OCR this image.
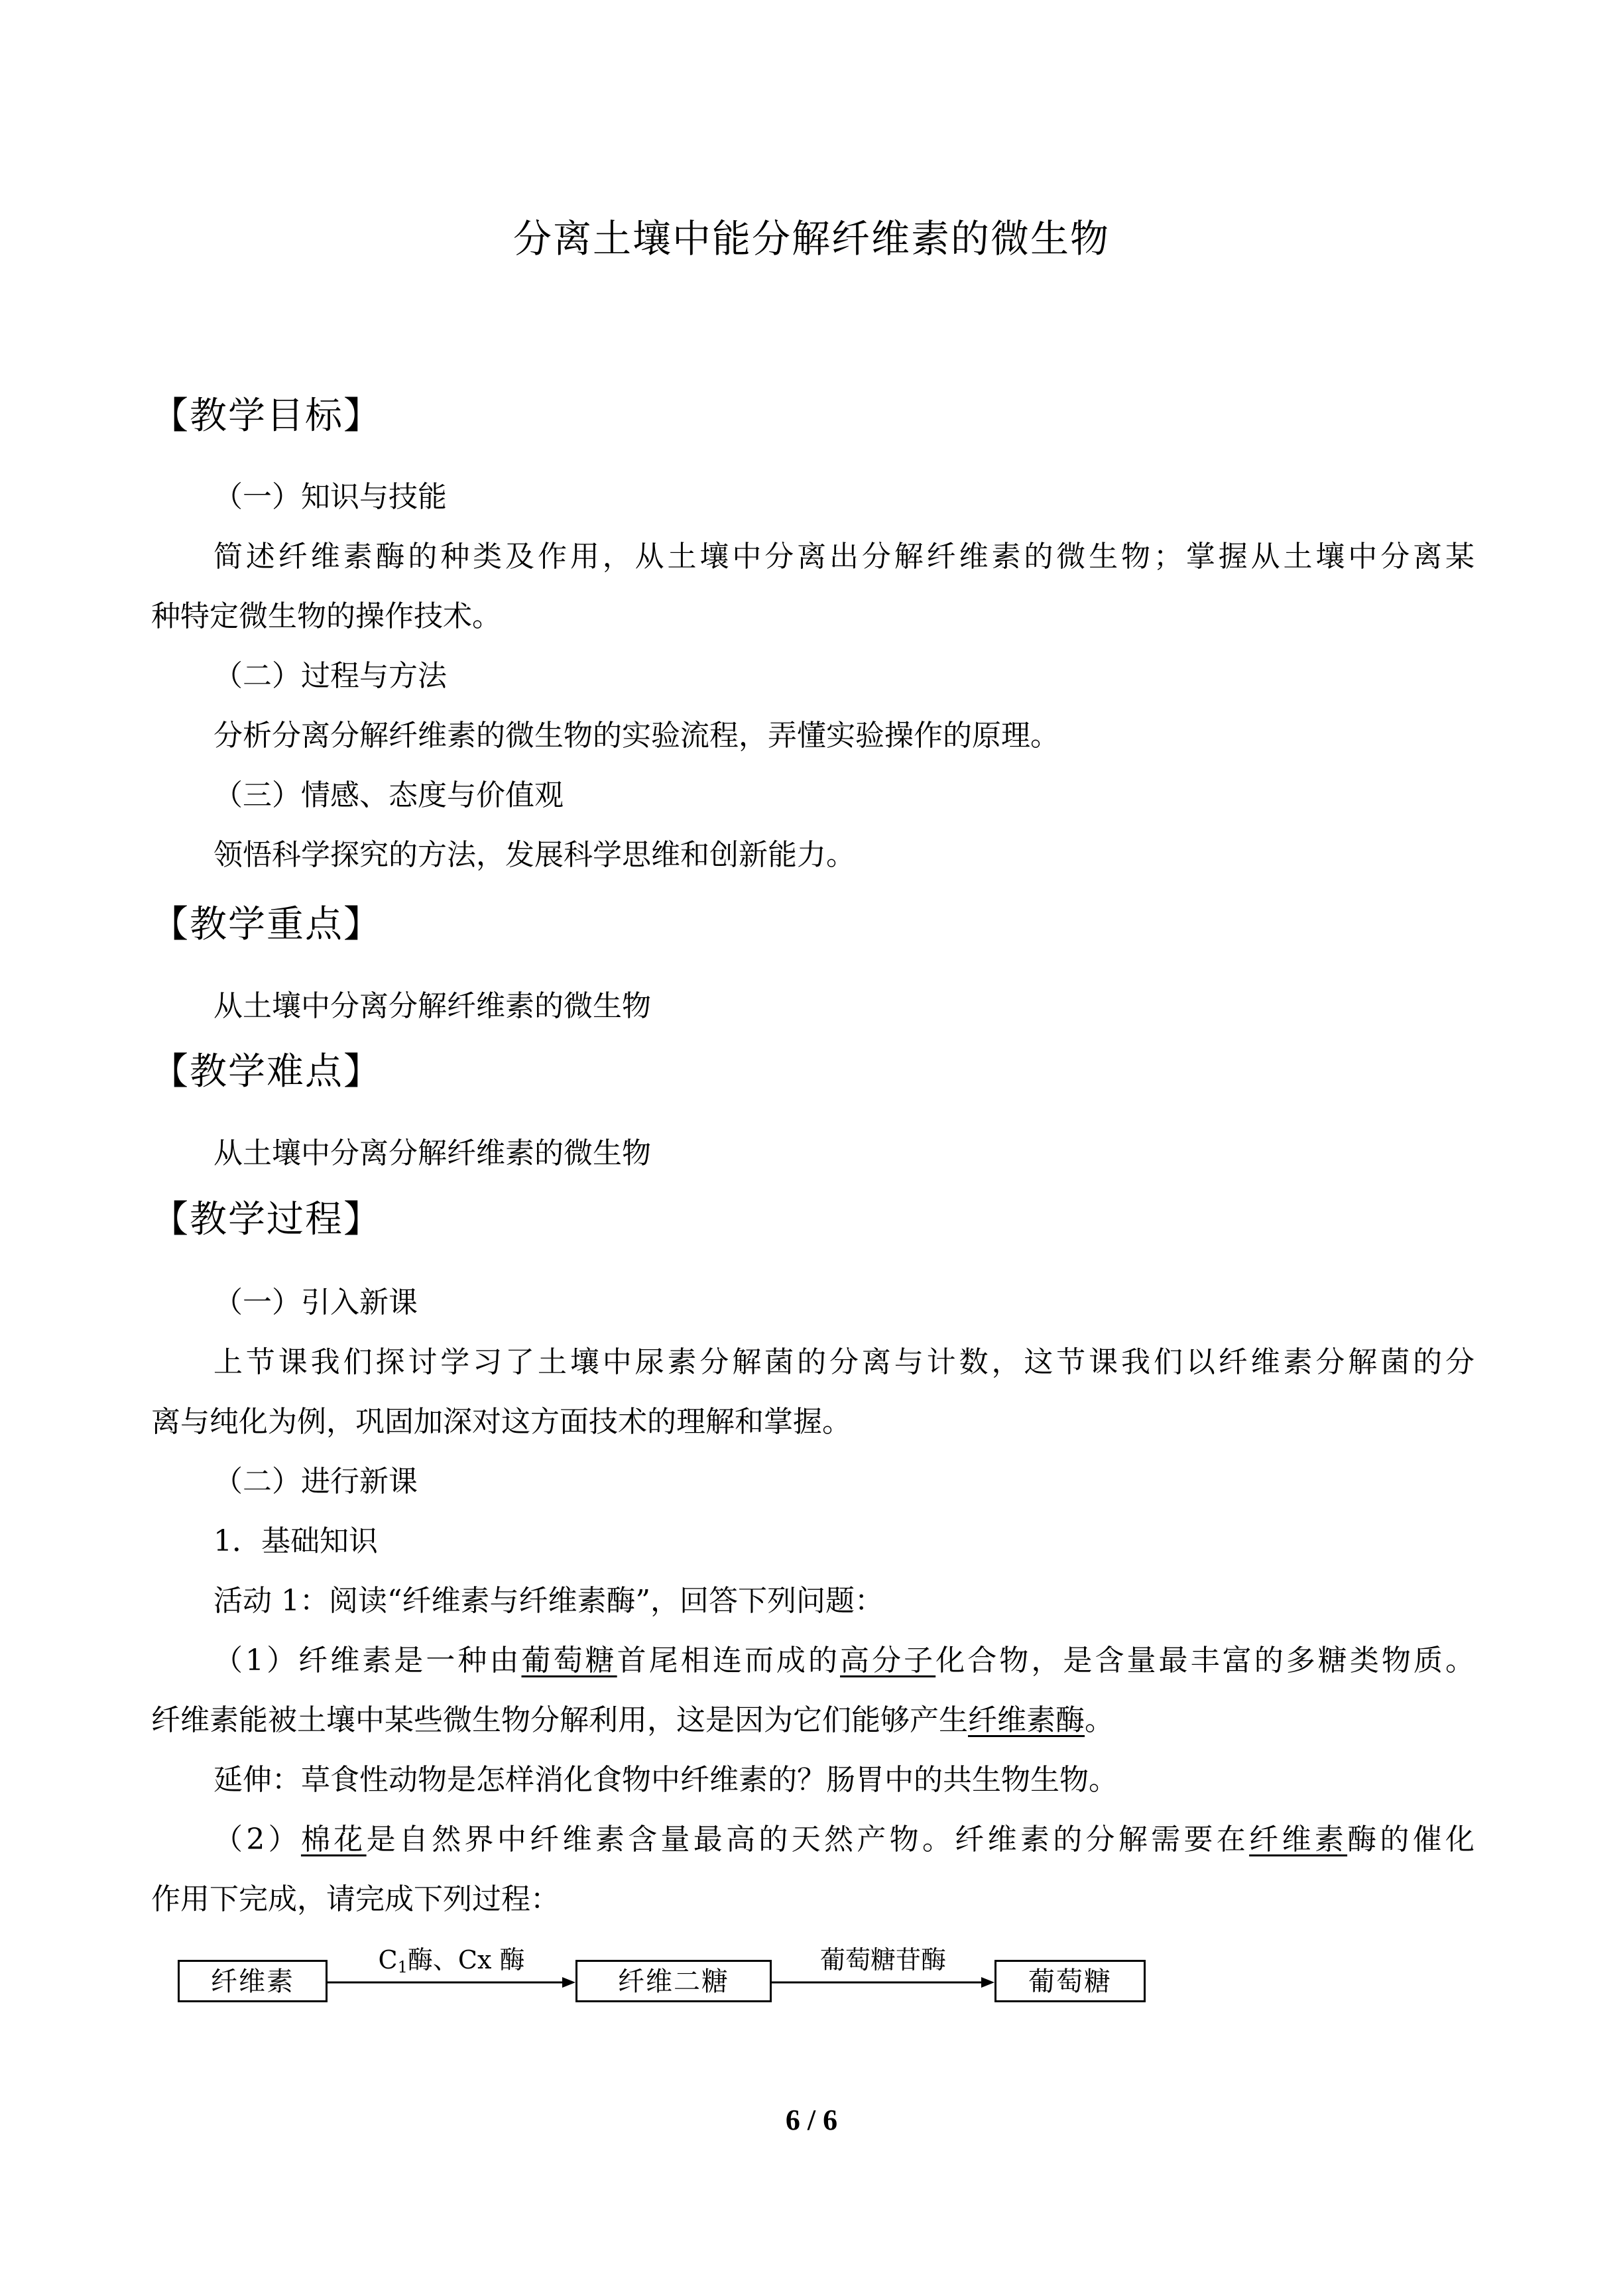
分离土壤中能分解纤维素的微生物
【教学目标】
（一）知识与技能
简述纤维素酶的种类及作用，从土壤中分离出分解纤维素的微生物；掌握从土壤中分离某
种特定微生物的操作技术。
（二）过程与方法
分析分离分解纤维素的微生物的实验流程，弄懂实验操作的原理。
（三）情感、态度与价值观
领悟科学探究的方法，发展科学思维和创新能力。
【教学重点】
从土壤中分离分解纤维素的微生物
【教学难点】
从土壤中分离分解纤维素的微生物
【教学过程】
（一）引入新课
上节课我们探讨学习了土壤中尿素分解菌的分离与计数，这节课我们以纤维素分解菌的分
离与纯化为例，巩固加深对这方面技术的理解和掌握。
（二）进行新课
1．基础知识
活动 1：阅读“纤维素与纤维素酶”，回答下列问题：
（1）纤维素是一种由葡萄糖首尾相连而成的高分子化合物，是含量最丰富的多糖类物质。
纤维素能被土壤中某些微生物分解利用，这是因为它们能够产生纤维素酶。
延伸：草食性动物是怎样消化食物中纤维素的？肠胃中的共生物生物。
（2）棉花是自然界中纤维素含量最高的天然产物。纤维素的分解需要在纤维素酶的催化
作用下完成，请完成下列过程：
纤维素
$C_1$酶、Cx 酶
纤维二糖
葡萄糖苷酶
葡萄糖
6 / 6
